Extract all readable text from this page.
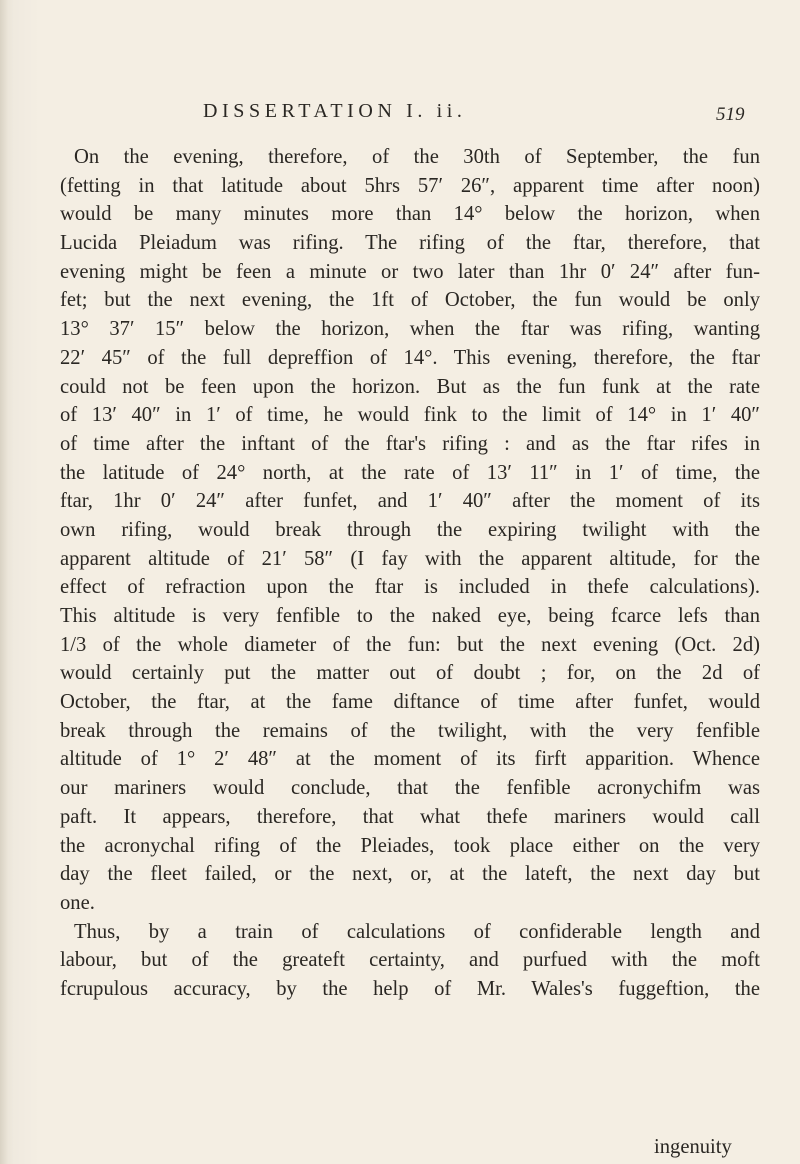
DISSERTATION I. ii.	519
On the evening, therefore, of the 30th of September, the fun
(fetting in that latitude about 5hrs 57′ 26″, apparent time after noon)
would be many minutes more than 14° below the horizon, when
Lucida Pleiadum was rifing. The rifing of the ftar, therefore, that
evening might be feen a minute or two later than 1hr 0′ 24″ after fun-
fet; but the next evening, the 1ft of October, the fun would be only
13° 37′ 15″ below the horizon, when the ftar was rifing, wanting
22′ 45″ of the full depreffion of 14°. This evening, therefore, the ftar
could not be feen upon the horizon. But as the fun funk at the rate
of 13′ 40″ in 1′ of time, he would fink to the limit of 14° in 1′ 40″
of time after the inftant of the ftar's rifing : and as the ftar rifes in
the latitude of 24° north, at the rate of 13′ 11″ in 1′ of time, the
ftar, 1hr 0′ 24″ after funfet, and 1′ 40″ after the moment of its
own rifing, would break through the expiring twilight with the
apparent altitude of 21′ 58″ (I fay with the apparent altitude, for the
effect of refraction upon the ftar is included in thefe calculations).
This altitude is very fenfible to the naked eye, being fcarce lefs than
1/3 of the whole diameter of the fun: but the next evening (Oct. 2d)
would certainly put the matter out of doubt ; for, on the 2d of
October, the ftar, at the fame diftance of time after funfet, would
break through the remains of the twilight, with the very fenfible
altitude of 1° 2′ 48″ at the moment of its firft apparition. Whence
our mariners would conclude, that the fenfible acronychifm was
paft. It appears, therefore, that what thefe mariners would call
the acronychal rifing of the Pleiades, took place either on the very
day the fleet failed, or the next, or, at the lateft, the next day but
one.
Thus, by a train of calculations of confiderable length and
labour, but of the greateft certainty, and purfued with the moft
fcrupulous accuracy, by the help of Mr. Wales's fuggeftion, the
ingenuity
